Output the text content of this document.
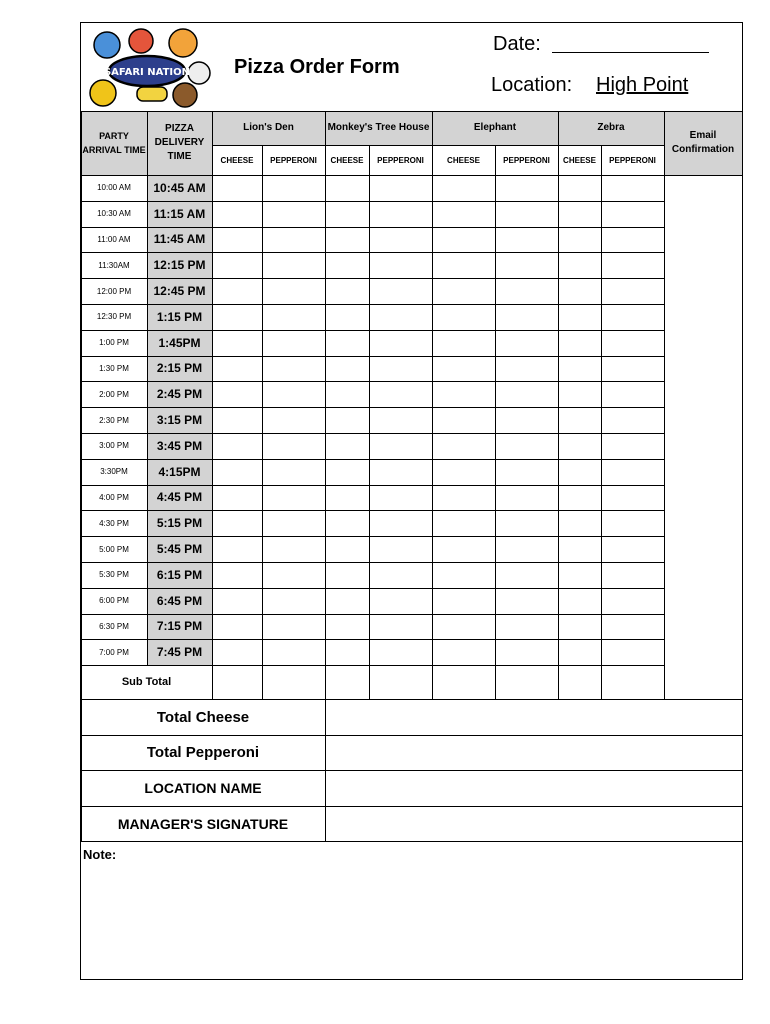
SAFARI NATION Pizza Order Form
Date:
Location: High Point
PARTY ARRIVAL TIME
PIZZA DELIVERY TIME
Lion's Den	Monkey's Tree House	Elephant	Zebra
CHEESE	PEPPERONI	CHEESE	PEPPERONI	CHEESE	PEPPERONI	CHEESE	PEPPERONI
Email Confirmation
10:00 AM	10:45 AM
10:30 AM	11:15 AM
11:00 AM	11:45 AM
11:30AM	12:15 PM
12:00 PM	12:45 PM
12:30 PM	1:15 PM
1:00 PM	1:45PM
1:30 PM	2:15 PM
2:00 PM	2:45 PM
2:30 PM	3:15 PM
3:00 PM	3:45 PM
3:30PM	4:15PM
4:00 PM	4:45 PM
4:30 PM	5:15 PM
5:00 PM	5:45 PM
5:30 PM	6:15 PM
6:00 PM	6:45 PM
6:30 PM	7:15 PM
7:00 PM	7:45 PM
Sub Total
Total Cheese
Total Pepperoni
LOCATION NAME
MANAGER'S SIGNATURE
Note:
